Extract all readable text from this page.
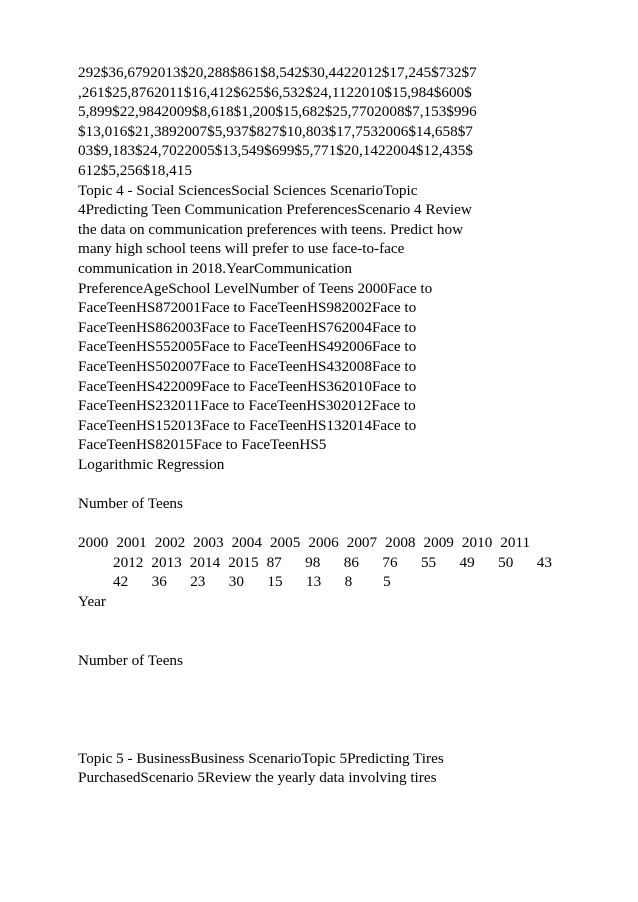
292$36,6792013$20,288$861$8,542$30,4422012$17,245$732$7
,261$25,8762011$16,412$625$6,532$24,1122010$15,984$600$
5,899$22,9842009$8,618$1,200$15,682$25,7702008$7,153$996
$13,016$21,3892007$5,937$827$10,803$17,7532006$14,658$7
03$9,183$24,7022005$13,549$699$5,771$20,1422004$12,435$
612$5,256$18,415
Topic 4 - Social SciencesSocial Sciences ScenarioTopic
4Predicting Teen Communication PreferencesScenario 4 Review
the data on communication preferences with teens. Predict how
many high school teens will prefer to use face-to-face
communication in 2018.YearCommunication
PreferenceAgeSchool LevelNumber of Teens 2000Face to
FaceTeenHS872001Face to FaceTeenHS982002Face to
FaceTeenHS862003Face to FaceTeenHS762004Face to
FaceTeenHS552005Face to FaceTeenHS492006Face to
FaceTeenHS502007Face to FaceTeenHS432008Face to
FaceTeenHS422009Face to FaceTeenHS362010Face to
FaceTeenHS232011Face to FaceTeenHS302012Face to
FaceTeenHS152013Face to FaceTeenHS132014Face to
FaceTeenHS82015Face to FaceTeenHS5
Logarithmic Regression
Number of Teens
2000 2001 2002 2003 2004 2005 2006 2007 2008 2009 2010 2011
2012 2013 2014 2015 87 98 86 76 55 49 50 43
42 36 23 30 15 13 8 5
Year
Number of Teens
Topic 5 - BusinessBusiness ScenarioTopic 5Predicting Tires
PurchasedScenario 5Review the yearly data involving tires
